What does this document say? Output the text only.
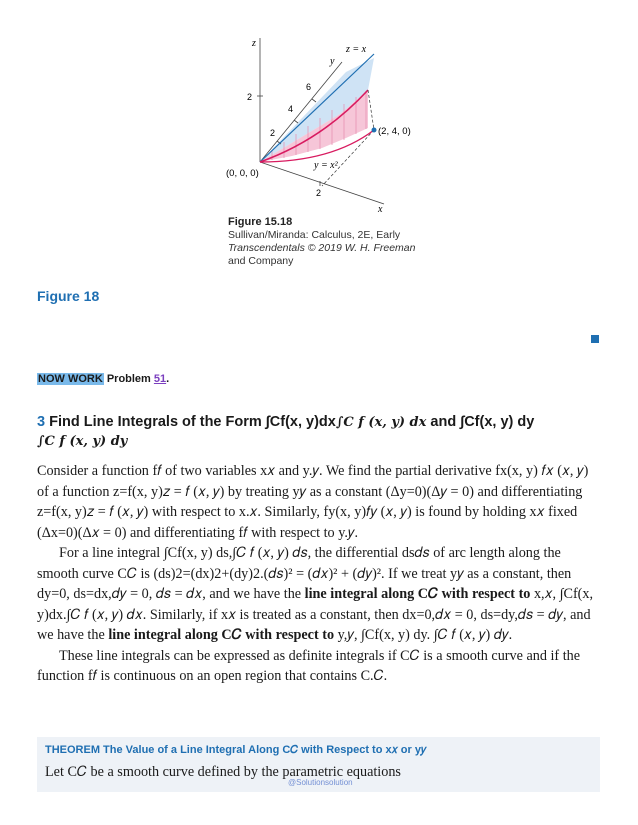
z
z = x
y
2
6
4
2	(2, 4, 0)
y = x²
(0, 0, 0)
2
x
Figure 15.18
Sullivan/Miranda: Calculus, 2E, Early
Transcendentals © 2019 W. H. Freeman
and Company
Figure 18
NOW WORK Problem 51.
3 Find Line Integrals of the Form ∫Cf(x, y)dx∫C f (x, y) dx and ∫Cf(x, y) dy
∫C f (x, y) dy

Consider a function f𝑓 of two variables x𝑥 and y.𝑦. We find the partial derivative fx(x, y) 𝑓𝑥 (𝑥, 𝑦) of a function z=f(x, y)𝑧 = 𝑓 (𝑥, 𝑦) by treating y𝑦 as a constant (Δy=0)(Δ𝑦 = 0) and differentiating z=f(x, y)𝑧 = 𝑓 (𝑥, 𝑦) with respect to x.𝑥. Similarly, fy(x, y)𝑓𝑦 (𝑥, 𝑦) is found by holding x𝑥 fixed (Δx=0)(Δ𝑥 = 0) and differentiating f𝑓 with respect to y.𝑦.

For a line integral ∫Cf(x, y) ds,∫𝐶 𝑓 (𝑥, 𝑦) 𝑑𝑠, the differential ds𝑑𝑠 of arc length along the smooth curve C𝐶 is (ds)2=(dx)2+(dy)2.(𝑑𝑠)² = (𝑑𝑥)² + (𝑑𝑦)². If we treat y𝑦 as a constant, then dy=0, ds=dx,𝑑𝑦 = 0, 𝑑𝑠 = 𝑑𝑥, and we have the line integral along C𝐶 with respect to x,𝑥, ∫Cf(x, y)dx.∫𝐶 𝑓 (𝑥, 𝑦) 𝑑𝑥. Similarly, if x𝑥 is treated as a constant, then dx=0,𝑑𝑥 = 0, ds=dy,𝑑𝑠 = 𝑑𝑦, and we have the line integral along C𝐶 with respect to y,𝑦, ∫Cf(x, y) dy. ∫𝐶 𝑓 (𝑥, 𝑦) 𝑑𝑦.

These line integrals can be expressed as definite integrals if C𝐶 is a smooth curve and if the function f𝑓 is continuous on an open region that contains C.𝐶.

THEOREM The Value of a Line Integral Along C𝐶 with Respect to x𝑥 or y𝑦
Let C𝐶 be a smooth curve defined by the parametric equations
@Solutionsolution
